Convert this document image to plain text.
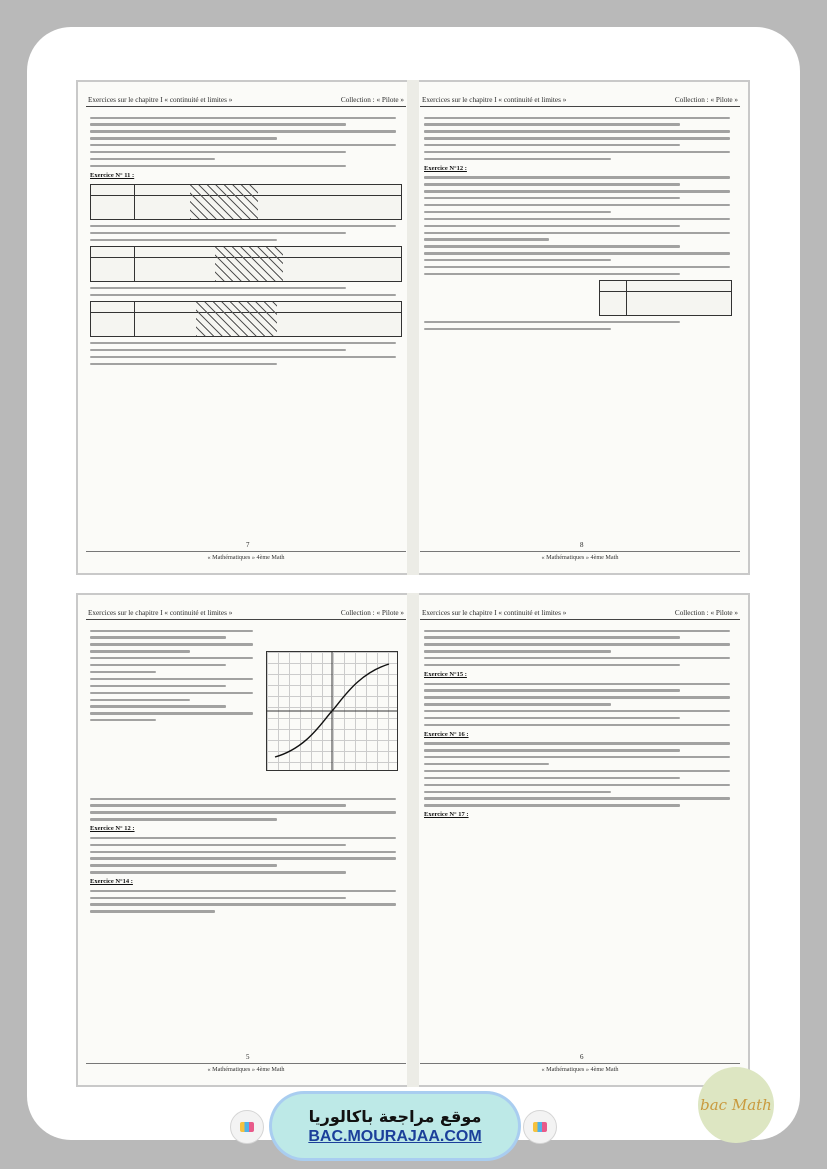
Exercices sur le chapitre I « continuité et limites »	Collection : « Pilote »
Exercice N° 11 :
7
« Mathématiques » 4ème Math
Exercices sur le chapitre I « continuité et limites »	Collection : « Pilote »
Exercice N°12 :
8
« Mathématiques » 4ème Math
Exercices sur le chapitre I « continuité et limites »	Collection : « Pilote »
Exercice N° 12 :
Exercice N°14 :
5
« Mathématiques » 4ème Math
Exercices sur le chapitre I « continuité et limites »	Collection : « Pilote »
Exercice N°15 :
Exercice N° 16 :
Exercice N° 17 :
6
« Mathématiques » 4ème Math
موقع مراجعة باكالوريا
BAC.MOURAJAA.COM
bac Math
